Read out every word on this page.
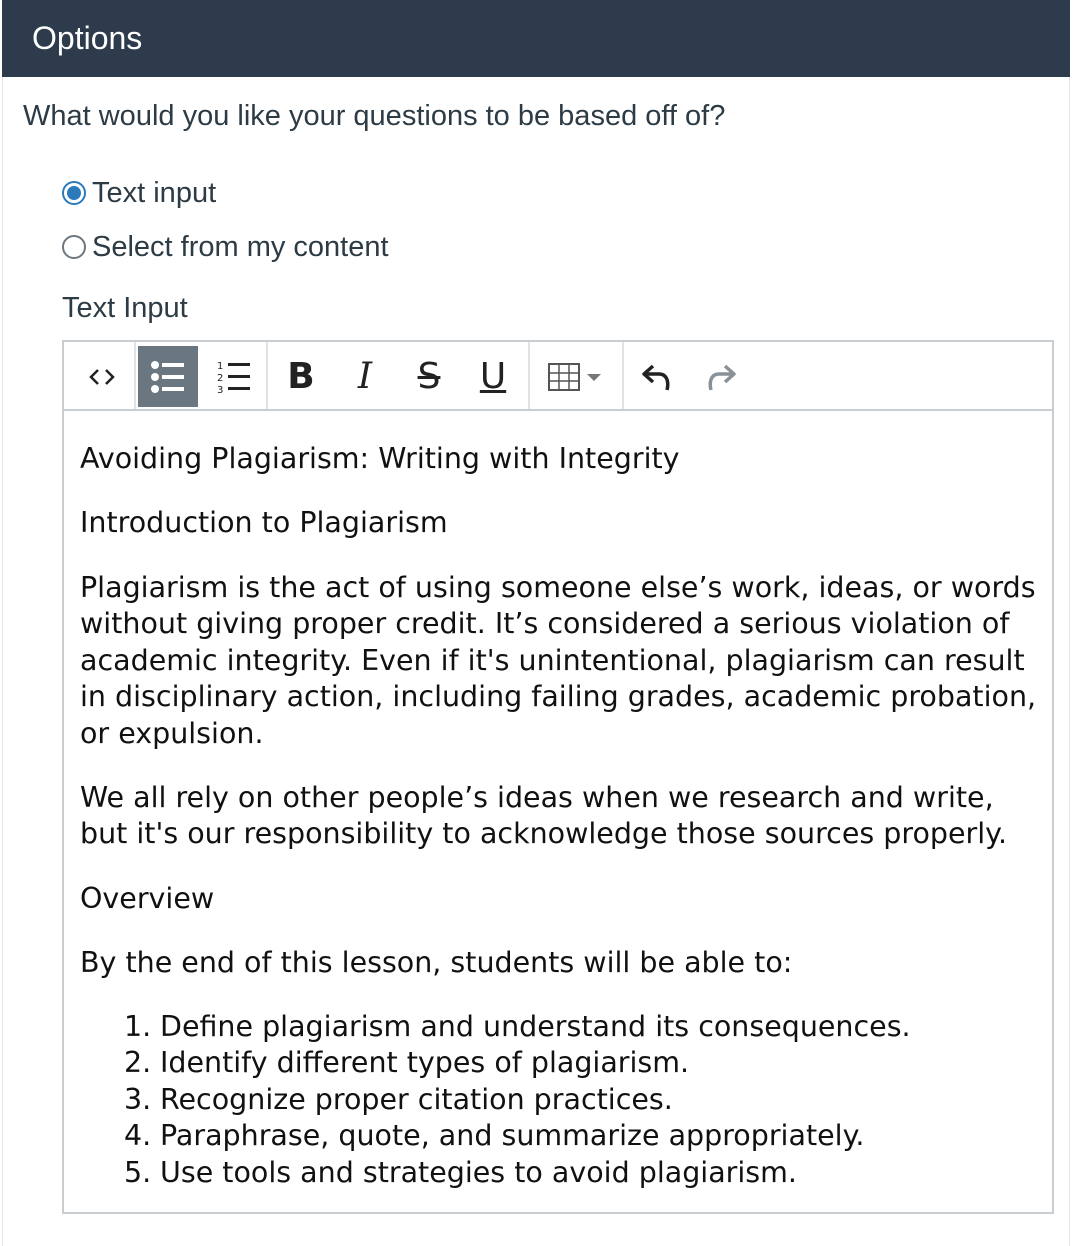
Options
What would you like your questions to be based off of?
Text input
Select from my content
Text Input
1
2
3 B I S U

Avoiding Plagiarism: Writing with Integrity

Introduction to Plagiarism

Plagiarism is the act of using someone else’s work, ideas, or words
without giving proper credit. It’s considered a serious violation of
academic integrity. Even if it's unintentional, plagiarism can result
in disciplinary action, including failing grades, academic probation,
or expulsion.

We all rely on other people’s ideas when we research and write,
but it's our responsibility to acknowledge those sources properly.

Overview

By the end of this lesson, students will be able to:

1. Define plagiarism and understand its consequences.
2. Identify different types of plagiarism.
3. Recognize proper citation practices.
4. Paraphrase, quote, and summarize appropriately.
5. Use tools and strategies to avoid plagiarism.
